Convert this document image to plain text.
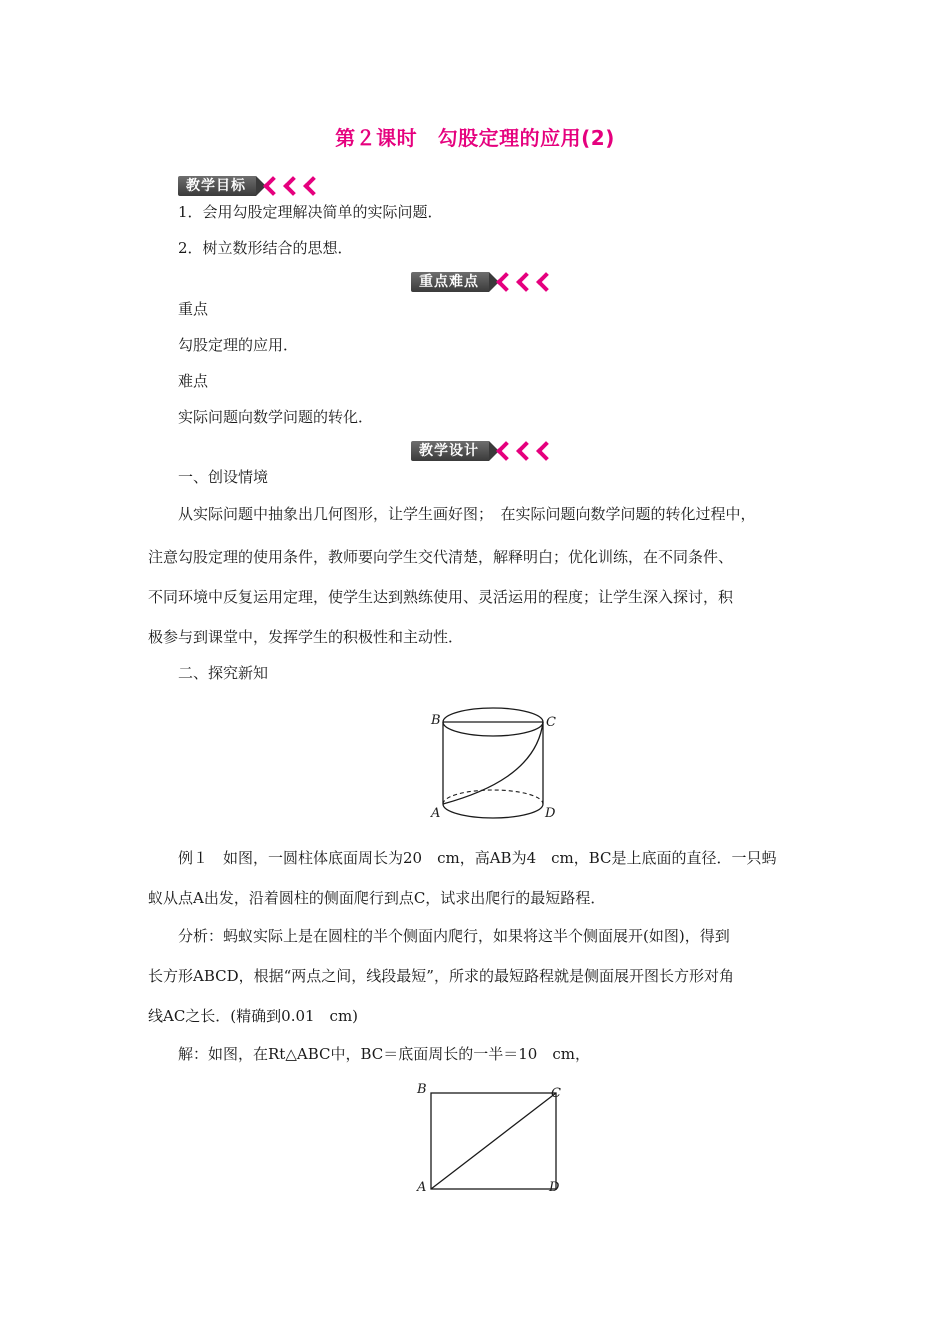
第２课时　勾股定理的应用(2)
教学目标
1．会用勾股定理解决简单的实际问题．
2．树立数形结合的思想．
重点难点
重点
勾股定理的应用．
难点
实际问题向数学问题的转化．
教学设计
一、创设情境
从实际问题中抽象出几何图形，让学生画好图；　在实际问题向数学问题的转化过程中，
注意勾股定理的使用条件，教师要向学生交代清楚，解释明白；优化训练，在不同条件、
不同环境中反复运用定理，使学生达到熟练使用、灵活运用的程度；让学生深入探讨，积
极参与到课堂中，发挥学生的积极性和主动性．
二、探究新知
B	C
A	D
例１　如图，一圆柱体底面周长为20　cm，高AB为4　cm，BC是上底面的直径．一只蚂
蚁从点A出发，沿着圆柱的侧面爬行到点C，试求出爬行的最短路程．
分析：蚂蚁实际上是在圆柱的半个侧面内爬行，如果将这半个侧面展开(如图)，得到
长方形ABCD，根据“两点之间，线段最短”，所求的最短路程就是侧面展开图长方形对角
线AC之长．(精确到0.01　cm)
解：如图，在Rt△ABC中，BC＝底面周长的一半＝10　cm，
B	C
A	D
